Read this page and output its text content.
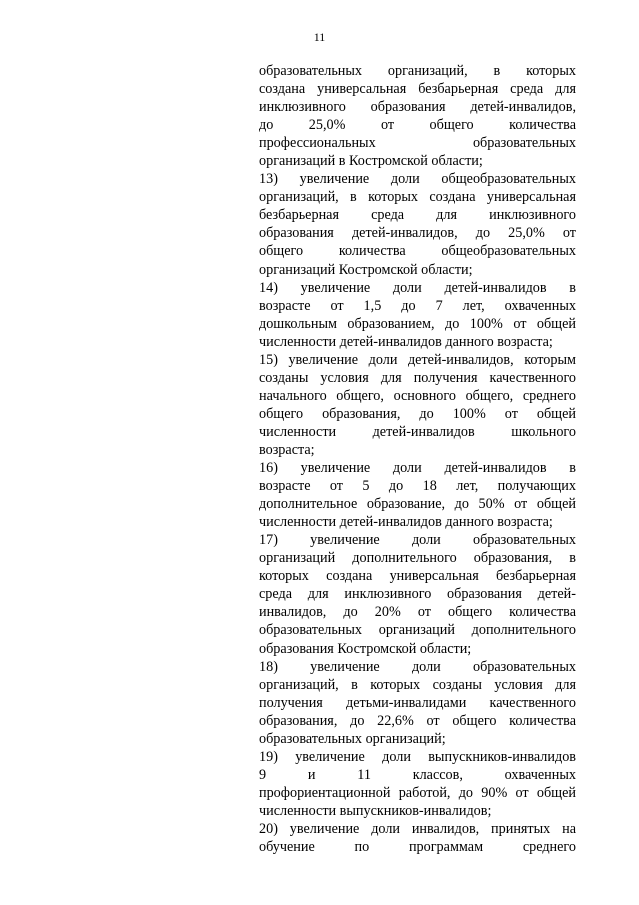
11
образовательных организаций, в которых
создана универсальная безбарьерная среда для
инклюзивного образования детей-инвалидов,
до 25,0% от общего количества
профессиональных образовательных
организаций в Костромской области;
13) увеличение доли общеобразовательных
организаций, в которых создана универсальная
безбарьерная среда для инклюзивного
образования детей-инвалидов, до 25,0% от
общего количества общеобразовательных
организаций Костромской области;
14) увеличение доли детей-инвалидов в
возрасте от 1,5 до 7 лет, охваченных
дошкольным образованием, до 100% от общей
численности детей-инвалидов данного возраста;
15) увеличение доли детей-инвалидов, которым
созданы условия для получения качественного
начального общего, основного общего, среднего
общего образования, до 100% от общей
численности детей-инвалидов школьного
возраста;
16) увеличение доли детей-инвалидов в
возрасте от 5 до 18 лет, получающих
дополнительное образование, до 50% от общей
численности детей-инвалидов данного возраста;
17) увеличение доли образовательных
организаций дополнительного образования, в
которых создана универсальная безбарьерная
среда для инклюзивного образования детей-
инвалидов, до 20% от общего количества
образовательных организаций дополнительного
образования Костромской области;
18) увеличение доли образовательных
организаций, в которых созданы условия для
получения детьми-инвалидами качественного
образования, до 22,6% от общего количества
образовательных организаций;
19) увеличение доли выпускников-инвалидов
9 и 11 классов, охваченных
профориентационной работой, до 90% от общей
численности выпускников-инвалидов;
20) увеличение доли инвалидов, принятых на
обучение по программам среднего
